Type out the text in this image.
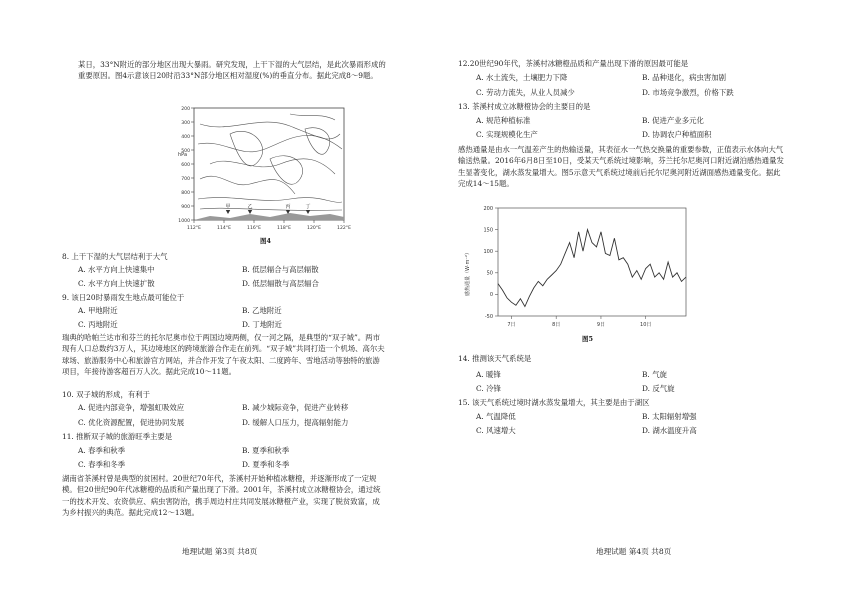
某日，33°N附近的部分地区出现大暴雨。研究发现，上干下湿的大气层结，是此次暴雨形成的重要原因。图4示意该日20时沿33°N部分地区相对湿度(%)的垂直分布。据此完成8～9题。
200
300
400
500
600
700
800
900
1000
112°E	114°E	116°E	118°E	120°E	122°E
甲	乙	丙	丁
hPa
图4
8. 上干下湿的大气层结利于大气
A. 水平方向上快速集中	B. 低层辐合与高层辐散
C. 水平方向上快速扩散	D. 低层辐散与高层辐合
9. 该日20时暴雨发生地点最可能位于
A. 甲地附近	B. 乙地附近
C. 丙地附近	D. 丁地附近
瑞典的哈帕兰达市和芬兰的托尔尼奥市位于两国边境两侧，仅一河之隔，是典型的“双子城”。两市现有人口总数约3万人，其边境地区的跨境旅游合作走在前列。“双子城”共同打造一个机场、高尔夫球场、旅游服务中心和旅游官方网站，并合作开发了午夜太阳、二度跨年、雪地活动等独特的旅游项目，年接待游客超百万人次。据此完成10～11题。
10. 双子城的形成，有利于
A. 促进内部竞争，增强虹吸效应	B. 减少城际竞争，促进产业转移
C. 优化资源配置，促进协同发展	D. 缓解人口压力，提高辐射能力
11. 推断双子城的旅游旺季主要是
A. 春季和秋季	B. 夏季和秋季
C. 春季和冬季	D. 夏季和冬季
湖南省茶溪村曾是典型的贫困村。20世纪70年代，茶溪村开始种植冰糖橙，并逐渐形成了一定规模。但20世纪90年代冰糖橙的品质和产量出现了下滑。2001年，茶溪村成立冰糖橙协会，通过统一的技术开发、农资供应、病虫害防治，携手周边村庄共同发展冰糖橙产业，实现了脱贫致富，成为乡村振兴的典范。据此完成12～13题。
地理试题 第3页 共8页
12.20世纪90年代，茶溪村冰糖橙品质和产量出现下滑的原因最可能是
A. 水土流失，土壤肥力下降	B. 品种退化，病虫害加剧
C. 劳动力流失，从业人员减少	D. 市场竞争激烈，价格下跌
13. 茶溪村成立冰糖橙协会的主要目的是
A. 规范种植标准	B. 促进产业多元化
C. 实现规模化生产	D. 协调农户种植面积
感热通量是由水一气温差产生的热输送量，其表征水一气热交换量的重要参数，正值表示水体向大气输送热量。2016年6月8日至10日，受某天气系统过境影响，芬兰托尔尼奥河口附近湖泊感热通量发生显著变化，湖水蒸发量增大。图5示意天气系统过境前后托尔尼奥河附近湖面感热通量变化。据此完成14～15题。
200
150
100
50
0
-50
7日	8日	9日	10日
感热通量（W·m⁻²）
图5
14. 推测该天气系统是
A. 暖锋	B. 气旋
C. 冷锋	D. 反气旋
15. 该天气系统过境时湖水蒸发量增大，其主要是由于湖区
A. 气温降低	B. 太阳辐射增强
C. 风速增大	D. 湖水温度升高
地理试题 第4页 共8页
